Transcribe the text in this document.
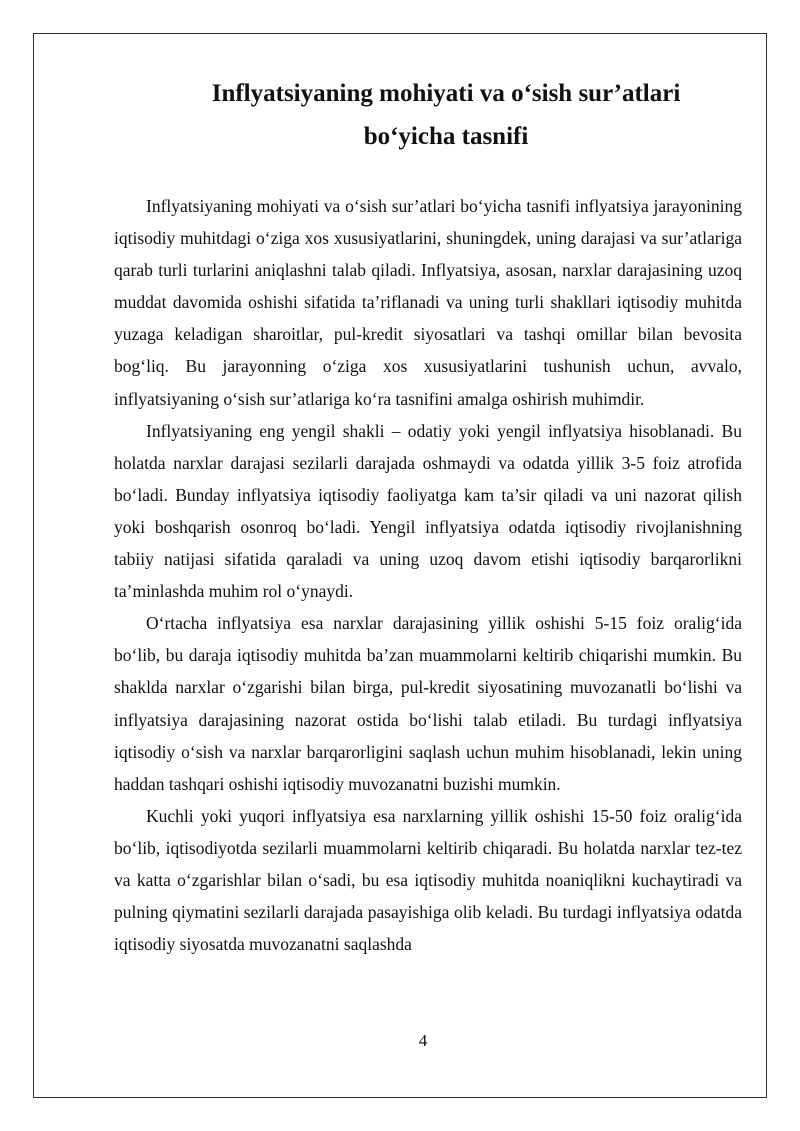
Inflyatsiyaning mohiyati va o‘sish sur’atlari
bo‘yicha tasnifi

Inflyatsiyaning mohiyati va o‘sish sur’atlari bo‘yicha tasnifi inflyatsiya jarayonining iqtisodiy muhitdagi o‘ziga xos xususiyatlarini, shuningdek, uning darajasi va sur’atlariga qarab turli turlarini aniqlashni talab qiladi. Inflyatsiya, asosan, narxlar darajasining uzoq muddat davomida oshishi sifatida ta’riflanadi va uning turli shakllari iqtisodiy muhitda yuzaga keladigan sharoitlar, pul-kredit siyosatlari va tashqi omillar bilan bevosita bog‘liq. Bu jarayonning o‘ziga xos xususiyatlarini tushunish uchun, avvalo, inflyatsiyaning o‘sish sur’atlariga ko‘ra tasnifini amalga oshirish muhimdir.

Inflyatsiyaning eng yengil shakli – odatiy yoki yengil inflyatsiya hisoblanadi. Bu holatda narxlar darajasi sezilarli darajada oshmaydi va odatda yillik 3-5 foiz atrofida bo‘ladi. Bunday inflyatsiya iqtisodiy faoliyatga kam ta’sir qiladi va uni nazorat qilish yoki boshqarish osonroq bo‘ladi. Yengil inflyatsiya odatda iqtisodiy rivojlanishning tabiiy natijasi sifatida qaraladi va uning uzoq davom etishi iqtisodiy barqarorlikni ta’minlashda muhim rol o‘ynaydi.

O‘rtacha inflyatsiya esa narxlar darajasining yillik oshishi 5-15 foiz oralig‘ida bo‘lib, bu daraja iqtisodiy muhitda ba’zan muammolarni keltirib chiqarishi mumkin. Bu shaklda narxlar o‘zgarishi bilan birga, pul-kredit siyosatining muvozanatli bo‘lishi va inflyatsiya darajasining nazorat ostida bo‘lishi talab etiladi. Bu turdagi inflyatsiya iqtisodiy o‘sish va narxlar barqarorligini saqlash uchun muhim hisoblanadi, lekin uning haddan tashqari oshishi iqtisodiy muvozanatni buzishi mumkin.

Kuchli yoki yuqori inflyatsiya esa narxlarning yillik oshishi 15-50 foiz oralig‘ida bo‘lib, iqtisodiyotda sezilarli muammolarni keltirib chiqaradi. Bu holatda narxlar tez-tez va katta o‘zgarishlar bilan o‘sadi, bu esa iqtisodiy muhitda noaniqlikni kuchaytiradi va pulning qiymatini sezilarli darajada pasayishiga olib keladi. Bu turdagi inflyatsiya odatda iqtisodiy siyosatda muvozanatni saqlashda

4
